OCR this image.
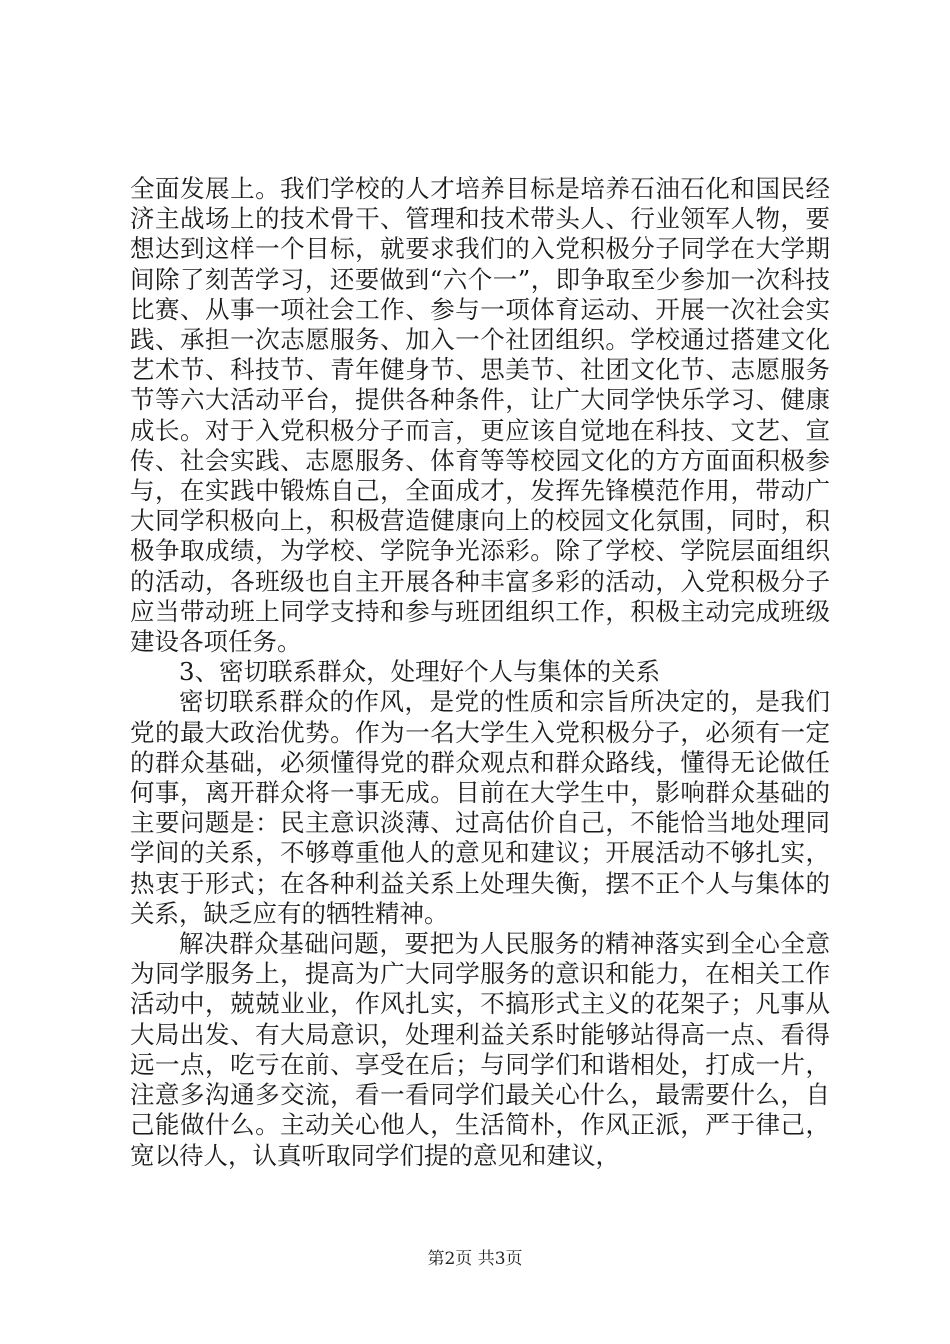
全面发展上。我们学校的人才培养目标是培养石油石化和国民经济主战场上的技术骨干、管理和技术带头人、行业领军人物，要想达到这样一个目标，就要求我们的入党积极分子同学在大学期间除了刻苦学习，还要做到“六个一”，即争取至少参加一次科技比赛、从事一项社会工作、参与一项体育运动、开展一次社会实践、承担一次志愿服务、加入一个社团组织。学校通过搭建文化艺术节、科技节、青年健身节、思美节、社团文化节、志愿服务节等六大活动平台，提供各种条件，让广大同学快乐学习、健康成长。对于入党积极分子而言，更应该自觉地在科技、文艺、宣传、社会实践、志愿服务、体育等等校园文化的方方面面积极参与，在实践中锻炼自己，全面成才，发挥先锋模范作用，带动广大同学积极向上，积极营造健康向上的校园文化氛围，同时，积极争取成绩，为学校、学院争光添彩。除了学校、学院层面组织的活动，各班级也自主开展各种丰富多彩的活动，入党积极分子应当带动班上同学支持和参与班团组织工作，积极主动完成班级建设各项任务。

3、密切联系群众，处理好个人与集体的关系

密切联系群众的作风，是党的性质和宗旨所决定的，是我们党的最大政治优势。作为一名大学生入党积极分子，必须有一定的群众基础，必须懂得党的群众观点和群众路线，懂得无论做任何事，离开群众将一事无成。目前在大学生中，影响群众基础的主要问题是：民主意识淡薄、过高估价自己，不能恰当地处理同学间的关系，不够尊重他人的意见和建议；开展活动不够扎实，热衷于形式；在各种利益关系上处理失衡，摆不正个人与集体的关系，缺乏应有的牺牲精神。

解决群众基础问题，要把为人民服务的精神落实到全心全意为同学服务上，提高为广大同学服务的意识和能力，在相关工作活动中，兢兢业业，作风扎实，不搞形式主义的花架子；凡事从大局出发、有大局意识，处理利益关系时能够站得高一点、看得远一点，吃亏在前、享受在后；与同学们和谐相处，打成一片，注意多沟通多交流，看一看同学们最关心什么，最需要什么，自己能做什么。主动关心他人，生活简朴，作风正派，严于律己，宽以待人，认真听取同学们提的意见和建议，

第2页 共3页
